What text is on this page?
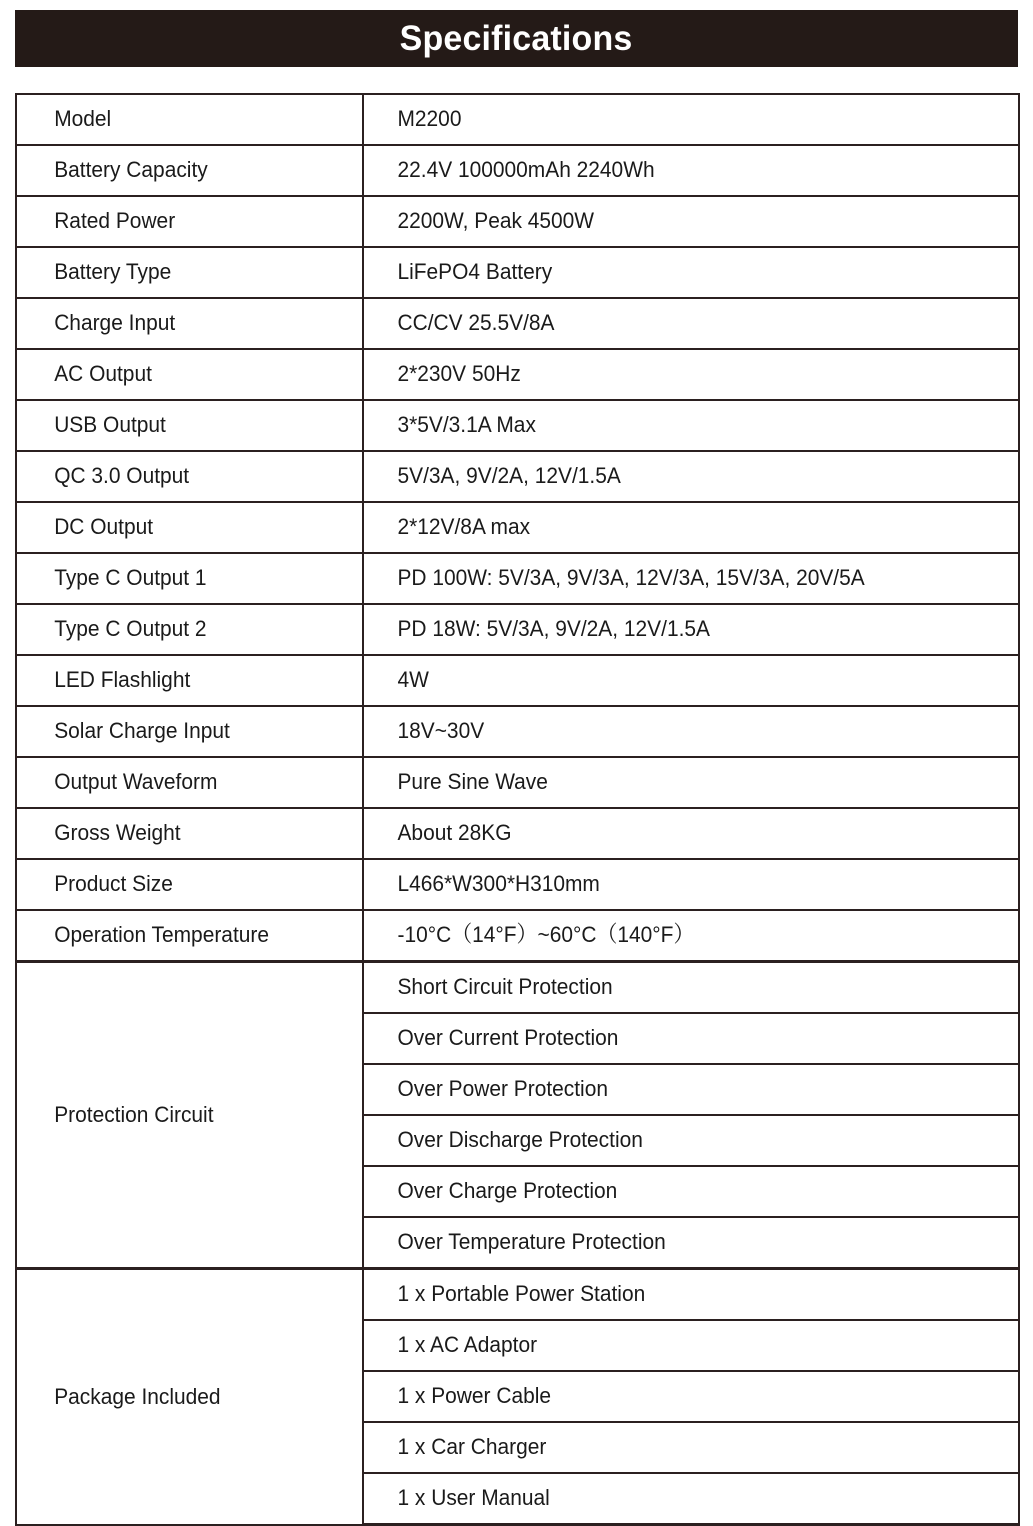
Specifications
Model	M2200

Battery Capacity	22.4V 100000mAh 2240Wh

Rated Power	2200W, Peak 4500W

Battery Type	LiFePO4 Battery

Charge Input	CC/CV 25.5V/8A

AC Output	2*230V 50Hz

USB Output	3*5V/3.1A Max

QC 3.0 Output	5V/3A, 9V/2A, 12V/1.5A

DC Output	2*12V/8A max

Type C Output 1	PD 100W: 5V/3A, 9V/3A, 12V/3A, 15V/3A, 20V/5A

Type C Output 2	PD 18W: 5V/3A, 9V/2A, 12V/1.5A

LED Flashlight	4W

Solar Charge Input	18V~30V

Output Waveform	Pure Sine Wave

Gross Weight	About 28KG

Product Size	L466*W300*H310mm

Operation Temperature	-10°C（14°F）~60°C（140°F）

Protection Circuit	Short Circuit Protection

	Over Current Protection

	Over Power Protection

	Over Discharge Protection

	Over Charge Protection

	Over Temperature Protection

Package Included	1 x Portable Power Station

	1 x AC Adaptor

	1 x Power Cable

	1 x Car Charger

	1 x User Manual
